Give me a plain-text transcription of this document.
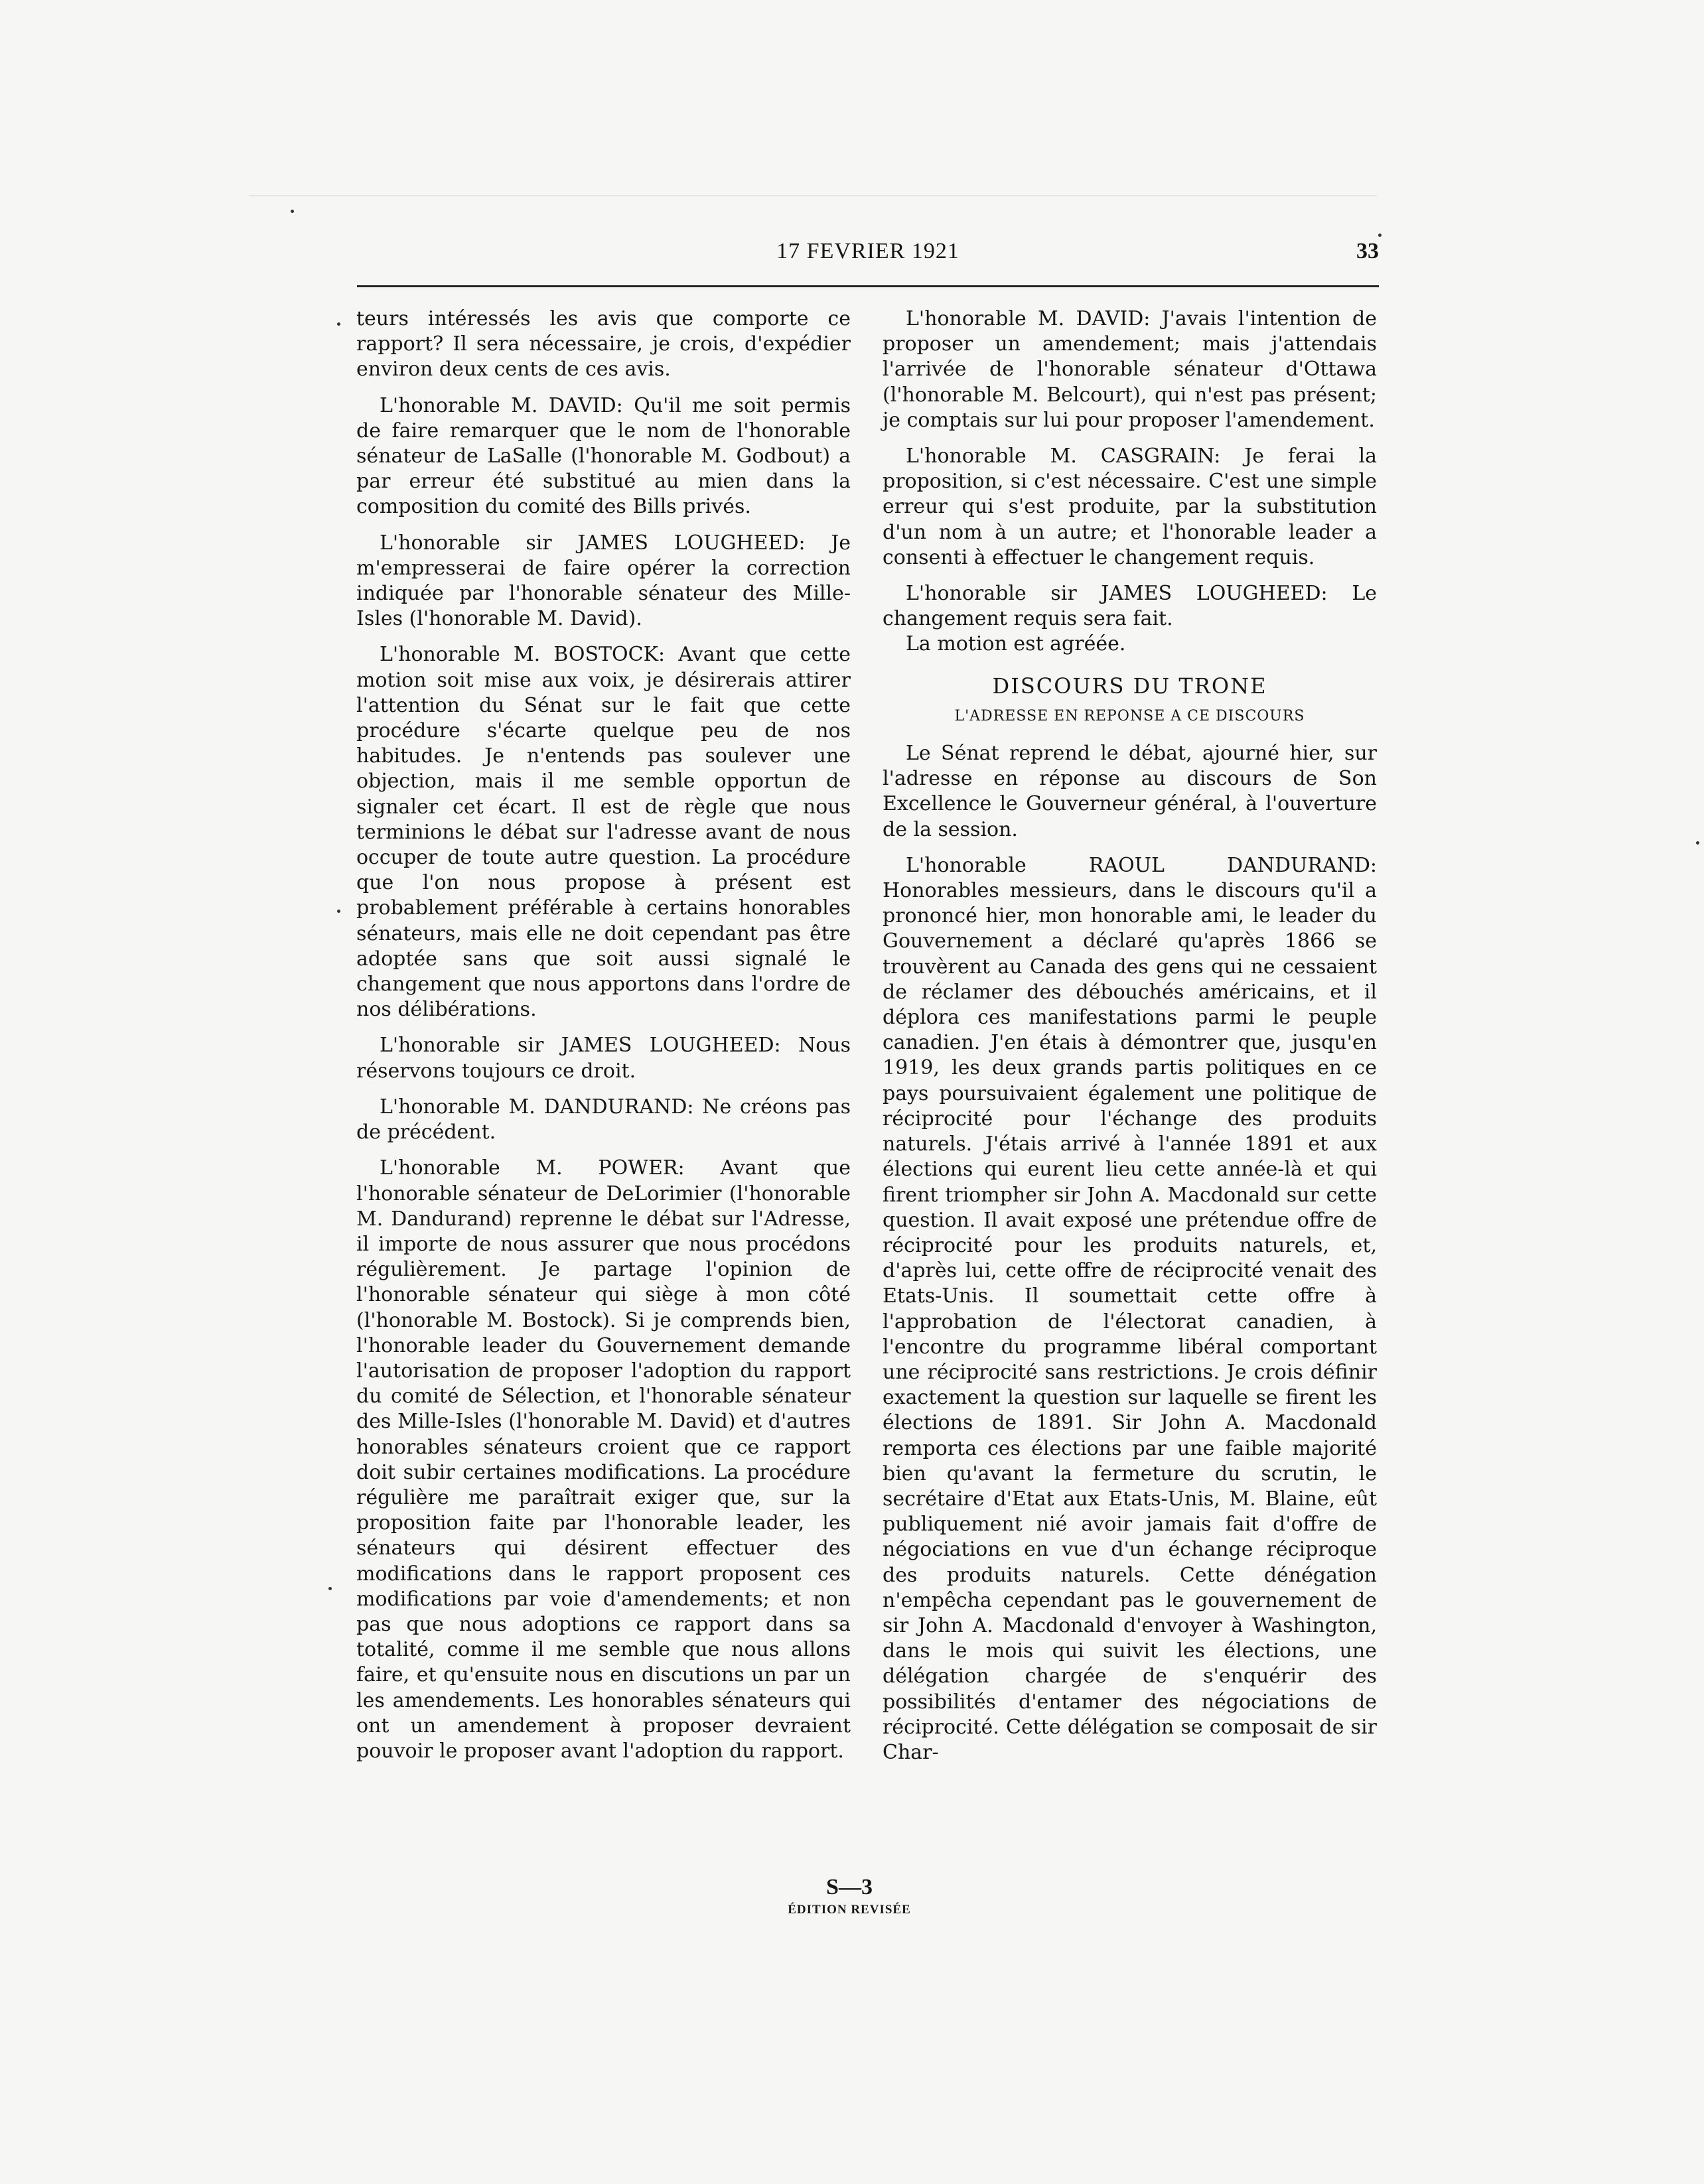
17 FEVRIER 1921	33

teurs intéressés les avis que comporte ce rapport? Il sera nécessaire, je crois, d'expédier environ deux cents de ces avis.

L'honorable M. DAVID: Qu'il me soit permis de faire remarquer que le nom de l'honorable sénateur de LaSalle (l'honorable M. Godbout) a par erreur été substitué au mien dans la composition du comité des Bills privés.

L'honorable sir JAMES LOUGHEED: Je m'empresserai de faire opérer la correction indiquée par l'honorable sénateur des Mille-Isles (l'honorable M. David).

L'honorable M. BOSTOCK: Avant que cette motion soit mise aux voix, je désirerais attirer l'attention du Sénat sur le fait que cette procédure s'écarte quelque peu de nos habitudes. Je n'entends pas soulever une objection, mais il me semble opportun de signaler cet écart. Il est de règle que nous terminions le débat sur l'adresse avant de nous occuper de toute autre question. La procédure que l'on nous propose à présent est probablement préférable à certains honorables sénateurs, mais elle ne doit cependant pas être adoptée sans que soit aussi signalé le changement que nous apportons dans l'ordre de nos délibérations.

L'honorable sir JAMES LOUGHEED: Nous réservons toujours ce droit.

L'honorable M. DANDURAND: Ne créons pas de précédent.

L'honorable M. POWER: Avant que l'honorable sénateur de DeLorimier (l'honorable M. Dandurand) reprenne le débat sur l'Adresse, il importe de nous assurer que nous procédons régulièrement. Je partage l'opinion de l'honorable sénateur qui siège à mon côté (l'honorable M. Bostock). Si je comprends bien, l'honorable leader du Gouvernement demande l'autorisation de proposer l'adoption du rapport du comité de Sélection, et l'honorable sénateur des Mille-Isles (l'honorable M. David) et d'autres honorables sénateurs croient que ce rapport doit subir certaines modifications. La procédure régulière me paraîtrait exiger que, sur la proposition faite par l'honorable leader, les sénateurs qui désirent effectuer des modifications dans le rapport proposent ces modifications par voie d'amendements; et non pas que nous adoptions ce rapport dans sa totalité, comme il me semble que nous allons faire, et qu'ensuite nous en discutions un par un les amendements. Les honorables sénateurs qui ont un amendement à proposer devraient pouvoir le proposer avant l'adoption du rapport.

L'honorable M. DAVID: J'avais l'intention de proposer un amendement; mais j'attendais l'arrivée de l'honorable sénateur d'Ottawa (l'honorable M. Belcourt), qui n'est pas présent; je comptais sur lui pour proposer l'amendement.

L'honorable M. CASGRAIN: Je ferai la proposition, si c'est nécessaire. C'est une simple erreur qui s'est produite, par la substitution d'un nom à un autre; et l'honorable leader a consenti à effectuer le changement requis.

L'honorable sir JAMES LOUGHEED: Le changement requis sera fait.

La motion est agréée.

DISCOURS DU TRONE
L'ADRESSE EN REPONSE A CE DISCOURS

Le Sénat reprend le débat, ajourné hier, sur l'adresse en réponse au discours de Son Excellence le Gouverneur général, à l'ouverture de la session.

L'honorable RAOUL DANDURAND: Honorables messieurs, dans le discours qu'il a prononcé hier, mon honorable ami, le leader du Gouvernement a déclaré qu'après 1866 se trouvèrent au Canada des gens qui ne cessaient de réclamer des débouchés américains, et il déplora ces manifestations parmi le peuple canadien. J'en étais à démontrer que, jusqu'en 1919, les deux grands partis politiques en ce pays poursuivaient également une politique de réciprocité pour l'échange des produits naturels. J'étais arrivé à l'année 1891 et aux élections qui eurent lieu cette année-là et qui firent triompher sir John A. Macdonald sur cette question. Il avait exposé une prétendue offre de réciprocité pour les produits naturels, et, d'après lui, cette offre de réciprocité venait des Etats-Unis. Il soumettait cette offre à l'approbation de l'électorat canadien, à l'encontre du programme libéral comportant une réciprocité sans restrictions. Je crois définir exactement la question sur laquelle se firent les élections de 1891. Sir John A. Macdonald remporta ces élections par une faible majorité bien qu'avant la fermeture du scrutin, le secrétaire d'Etat aux Etats-Unis, M. Blaine, eût publiquement nié avoir jamais fait d'offre de négociations en vue d'un échange réciproque des produits naturels. Cette dénégation n'empêcha cependant pas le gouvernement de sir John A. Macdonald d'envoyer à Washington, dans le mois qui suivit les élections, une délégation chargée de s'enquérir des possibilités d'entamer des négociations de réciprocité. Cette délégation se composait de sir Char-

S—3
ÉDITION REVISÉE
